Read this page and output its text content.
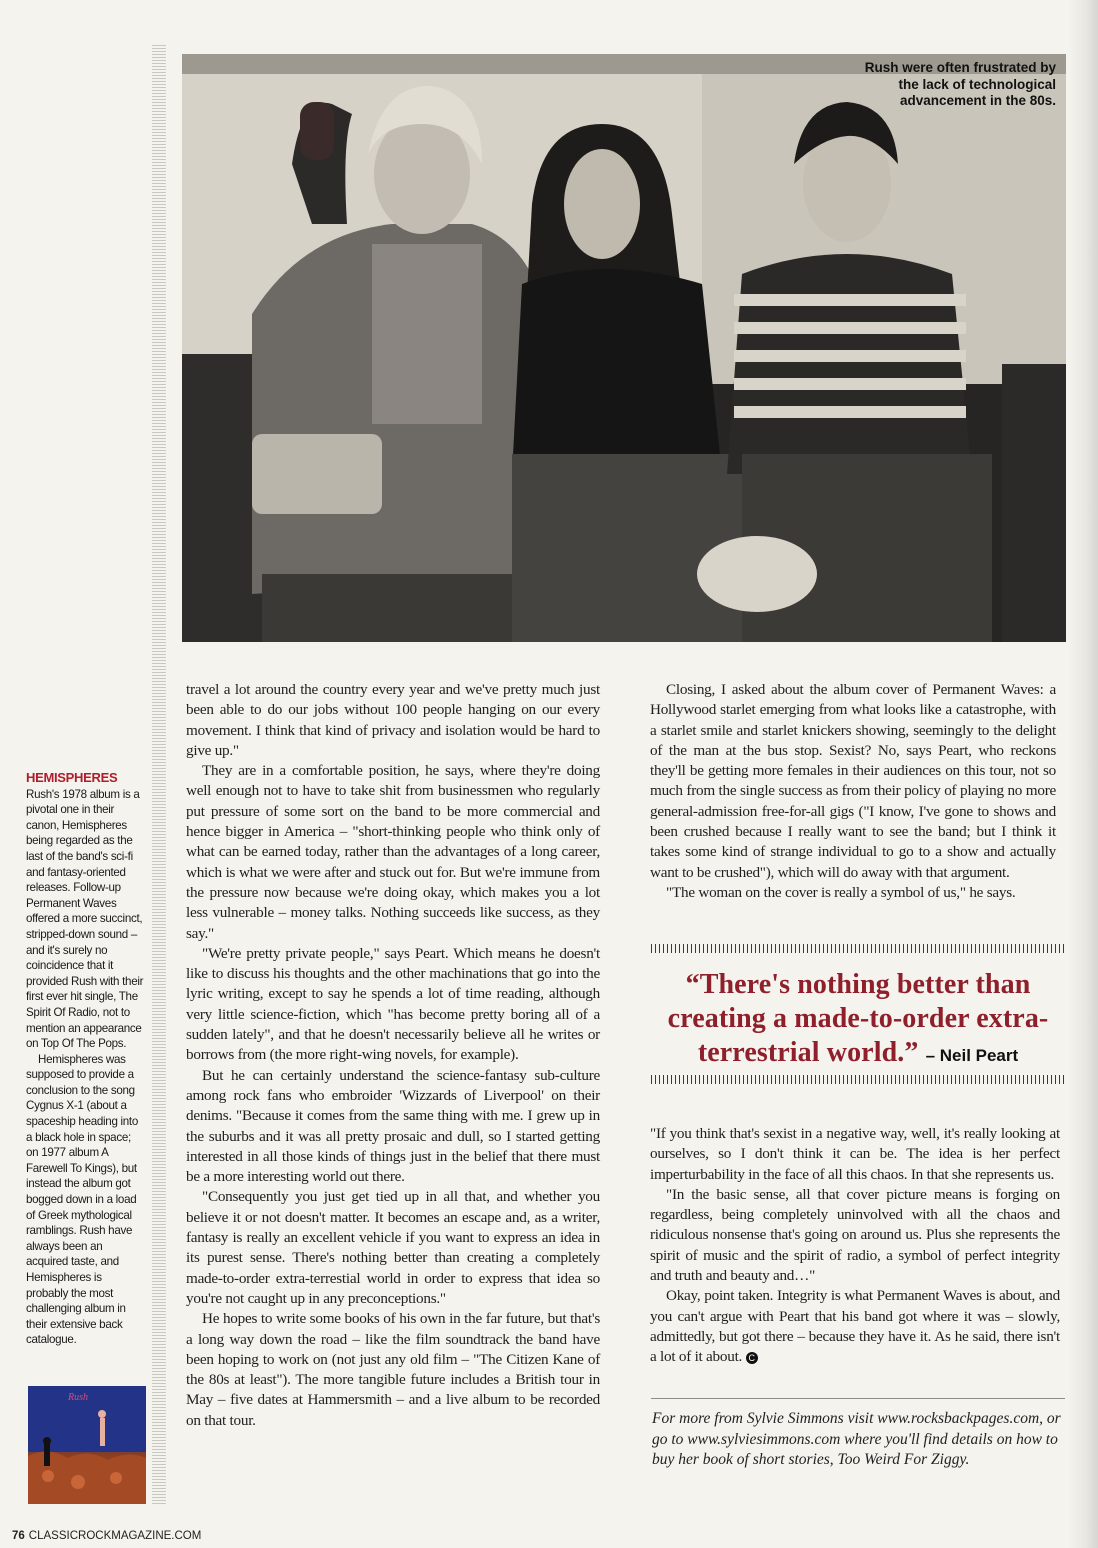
Rush were often frustrated by the lack of technological advancement in the 80s.
HEMISPHERES

Rush's 1978 album is a pivotal one in their canon, Hemispheres being regarded as the last of the band's sci-fi and fantasy-oriented releases. Follow-up Permanent Waves offered a more succinct, stripped-down sound – and it's surely no coincidence that it provided Rush with their first ever hit single, The Spirit Of Radio, not to mention an appearance on Top Of The Pops.

Hemispheres was supposed to provide a conclusion to the song Cygnus X-1 (about a spaceship heading into a black hole in space; on 1977 album A Farewell To Kings), but instead the album got bogged down in a load of Greek mythological ramblings. Rush have always been an acquired taste, and Hemispheres is probably the most challenging album in their extensive back catalogue.

Rush

travel a lot around the country every year and we've pretty much just been able to do our jobs without 100 people hanging on our every movement. I think that kind of privacy and isolation would be hard to give up."

They are in a comfortable position, he says, where they're doing well enough not to have to take shit from businessmen who regularly put pressure of some sort on the band to be more commercial and hence bigger in America – "short-thinking people who think only of what can be earned today, rather than the advantages of a long career, which is what we were after and stuck out for. But we're immune from the pressure now because we're doing okay, which makes you a lot less vulnerable – money talks. Nothing succeeds like success, as they say."

"We're pretty private people," says Peart. Which means he doesn't like to discuss his thoughts and the other machinations that go into the lyric writing, except to say he spends a lot of time reading, although very little science-fiction, which "has become pretty boring all of a sudden lately", and that he doesn't necessarily believe all he writes or borrows from (the more right-wing novels, for example).

But he can certainly understand the science-fantasy sub-culture among rock fans who embroider 'Wizzards of Liverpool' on their denims. "Because it comes from the same thing with me. I grew up in the suburbs and it was all pretty prosaic and dull, so I started getting interested in all those kinds of things just in the belief that there must be a more interesting world out there.

"Consequently you just get tied up in all that, and whether you believe it or not doesn't matter. It becomes an escape and, as a writer, fantasy is really an excellent vehicle if you want to express an idea in its purest sense. There's nothing better than creating a completely made-to-order extra-terrestial world in order to express that idea so you're not caught up in any preconceptions."

He hopes to write some books of his own in the far future, but that's a long way down the road – like the film soundtrack the band have been hoping to work on (not just any old film – "The Citizen Kane of the 80s at least"). The more tangible future includes a British tour in May – five dates at Hammersmith – and a live album to be recorded on that tour.

Closing, I asked about the album cover of Permanent Waves: a Hollywood starlet emerging from what looks like a catastrophe, with a starlet smile and starlet knickers showing, seemingly to the delight of the man at the bus stop. Sexist? No, says Peart, who reckons they'll be getting more females in their audiences on this tour, not so much from the single success as from their policy of playing no more general-admission free-for-all gigs ("I know, I've gone to shows and been crushed because I really want to see the band; but I think it takes some kind of strange individual to go to a show and actually want to be crushed"), which will do away with that argument.

"The woman on the cover is really a symbol of us," he says.

“There's nothing better than creating a made-to-order extra-terrestrial world.” – Neil Peart

"If you think that's sexist in a negative way, well, it's really looking at ourselves, so I don't think it can be. The idea is her perfect imperturbability in the face of all this chaos. In that she represents us.

"In the basic sense, all that cover picture means is forging on regardless, being completely uninvolved with all the chaos and ridiculous nonsense that's going on around us. Plus she represents the spirit of music and the spirit of radio, a symbol of perfect integrity and truth and beauty and…"

Okay, point taken. Integrity is what Permanent Waves is about, and you can't argue with Peart that his band got where it was – slowly, admittedly, but got there – because they have it. As he said, there isn't a lot of it about. C

For more from Sylvie Simmons visit www.rocksbackpages.com, or go to www.sylviesimmons.com where you'll find details on how to buy her book of short stories, Too Weird For Ziggy.
76 CLASSICROCKMAGAZINE.COM
